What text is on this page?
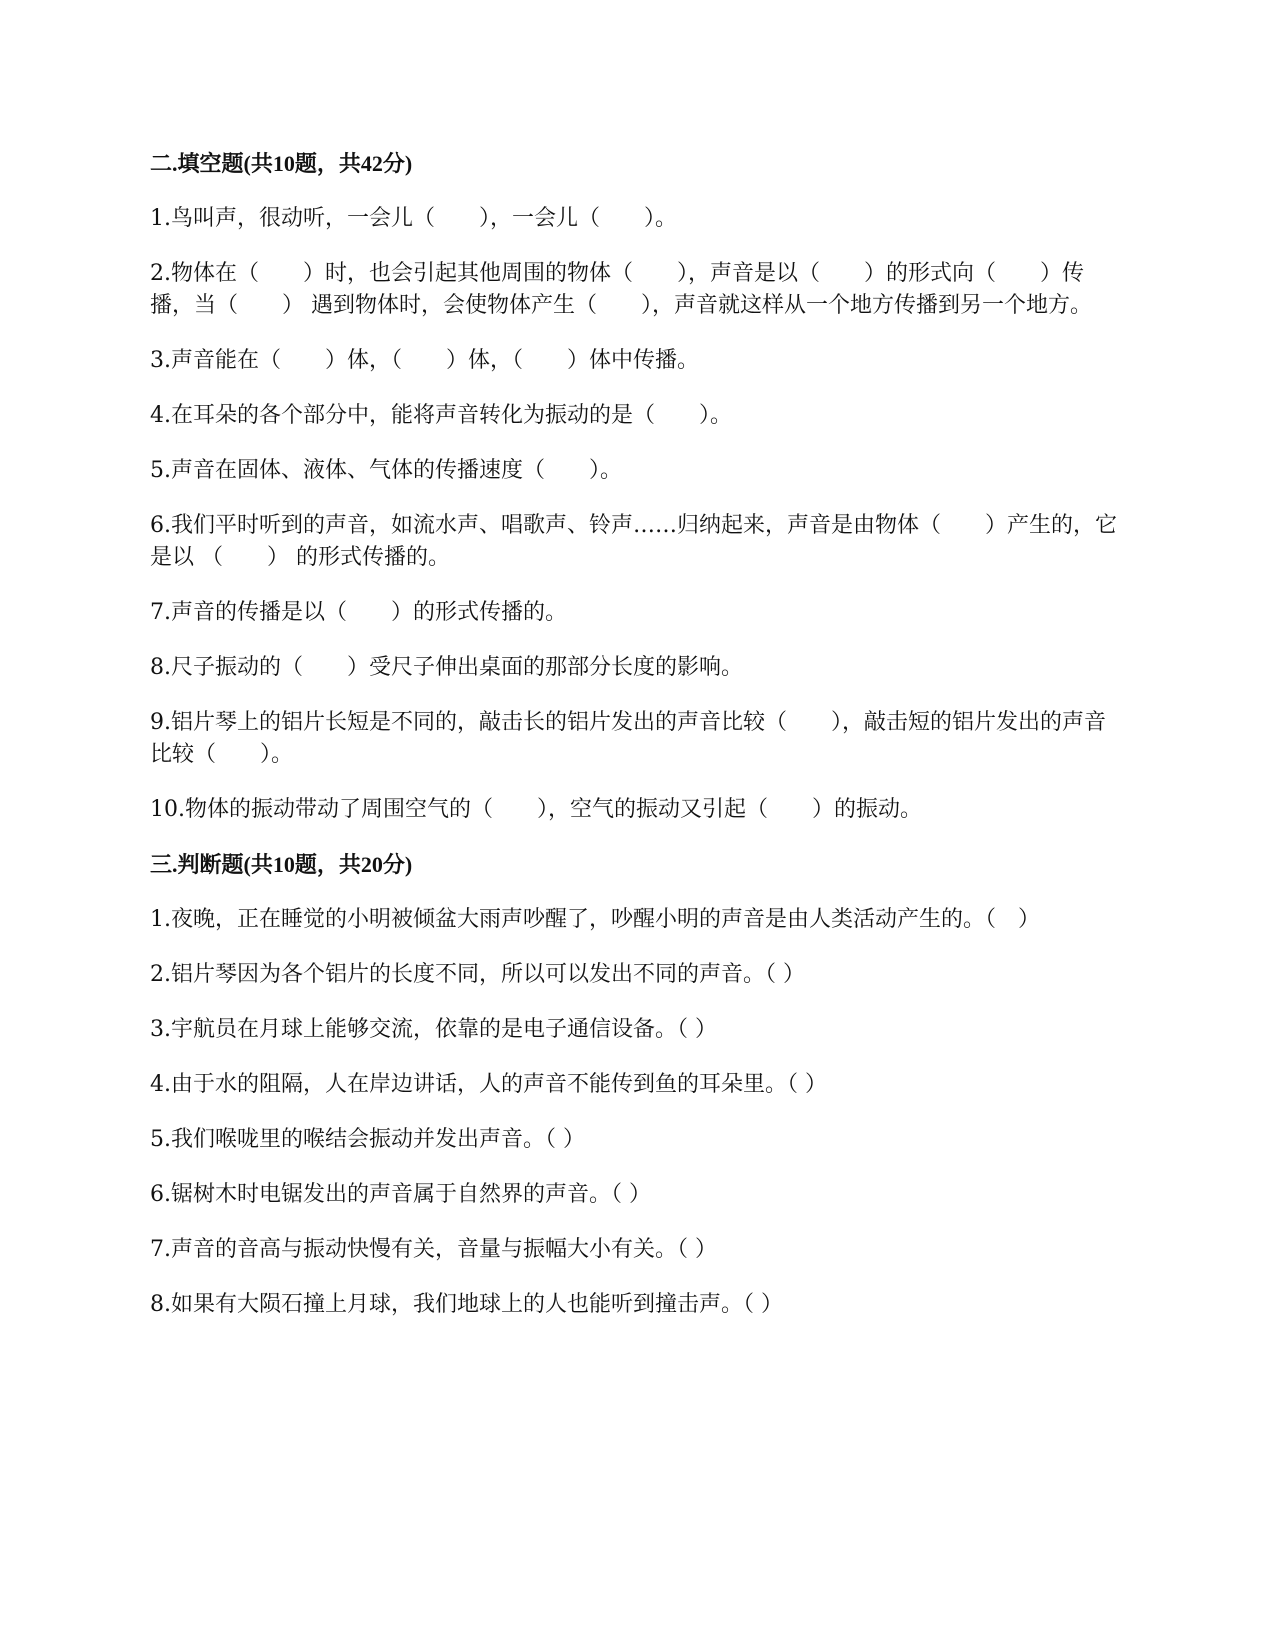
二.填空题(共10题，共42分)

1.鸟叫声，很动听，一会儿（　　），一会儿（　　）。

2.物体在（　　）时，也会引起其他周围的物体（　　），声音是以（　　）的形式向（　　）传播，当（　　） 遇到物体时，会使物体产生（　　），声音就这样从一个地方传播到另一个地方。

3.声音能在（　　）体，（　　）体，（　　）体中传播。

4.在耳朵的各个部分中，能将声音转化为振动的是（　　）。

5.声音在固体、液体、气体的传播速度（　　）。

6.我们平时听到的声音，如流水声、唱歌声、铃声……归纳起来，声音是由物体（　　）产生的，它是以 （　　） 的形式传播的。

7.声音的传播是以（　　）的形式传播的。

8.尺子振动的（　　）受尺子伸出桌面的那部分长度的影响。

9.铝片琴上的铝片长短是不同的，敲击长的铝片发出的声音比较（　　），敲击短的铝片发出的声音比较（　　）。

10.物体的振动带动了周围空气的（　　），空气的振动又引起（　　）的振动。

三.判断题(共10题，共20分)

1.夜晚，正在睡觉的小明被倾盆大雨声吵醒了，吵醒小明的声音是由人类活动产生的。（　）

2.铝片琴因为各个铝片的长度不同，所以可以发出不同的声音。（ ）

3.宇航员在月球上能够交流，依靠的是电子通信设备。（ ）

4.由于水的阻隔，人在岸边讲话，人的声音不能传到鱼的耳朵里。（ ）

5.我们喉咙里的喉结会振动并发出声音。（ ）

6.锯树木时电锯发出的声音属于自然界的声音。（ ）

7.声音的音高与振动快慢有关，音量与振幅大小有关。（ ）

8.如果有大陨石撞上月球，我们地球上的人也能听到撞击声。（ ）
